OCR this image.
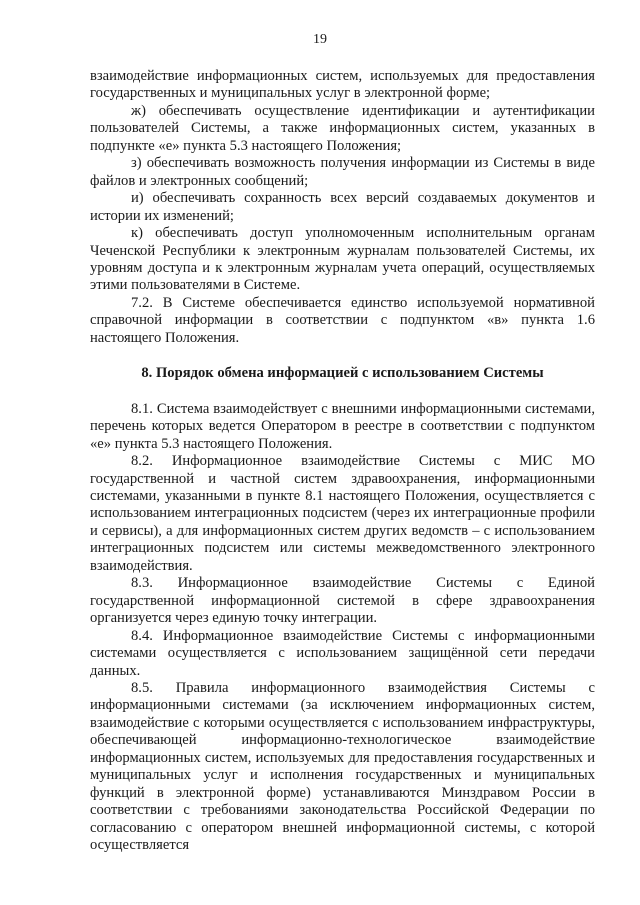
19

взаимодействие информационных систем, используемых для предоставления государственных и муниципальных услуг в электронной форме;

ж) обеспечивать осуществление идентификации и аутентификации пользователей Системы, а также информационных систем, указанных в подпункте «е» пункта 5.3 настоящего Положения;

з) обеспечивать возможность получения информации из Системы в виде файлов и электронных сообщений;

и) обеспечивать сохранность всех версий создаваемых документов и истории их изменений;

к) обеспечивать доступ уполномоченным исполнительным органам Чеченской Республики к электронным журналам пользователей Системы, их уровням доступа и к электронным журналам учета операций, осуществляемых этими пользователями в Системе.

7.2. В Системе обеспечивается единство используемой нормативной справочной информации в соответствии с подпунктом «в» пункта 1.6 настоящего Положения.

8. Порядок обмена информацией с использованием Системы

8.1. Система взаимодействует с внешними информационными системами, перечень которых ведется Оператором в реестре в соответствии с подпунктом «е» пункта 5.3 настоящего Положения.

8.2. Информационное взаимодействие Системы с МИС МО государственной и частной систем здравоохранения, информационными системами, указанными в пункте 8.1 настоящего Положения, осуществляется с использованием интеграционных подсистем (через их интеграционные профили и сервисы), а для информационных систем других ведомств – с использованием интеграционных подсистем или системы межведомственного электронного взаимодействия.

8.3. Информационное взаимодействие Системы с Единой государственной информационной системой в сфере здравоохранения организуется через единую точку интеграции.

8.4. Информационное взаимодействие Системы с информационными системами осуществляется с использованием защищённой сети передачи данных.

8.5. Правила информационного взаимодействия Системы с информационными системами (за исключением информационных систем, взаимодействие с которыми осуществляется с использованием инфраструктуры, обеспечивающей информационно-технологическое взаимодействие информационных систем, используемых для предоставления государственных и муниципальных услуг и исполнения государственных и муниципальных функций в электронной форме) устанавливаются Минздравом России в соответствии с требованиями законодательства Российской Федерации по согласованию с оператором внешней информационной системы, с которой осуществляется
